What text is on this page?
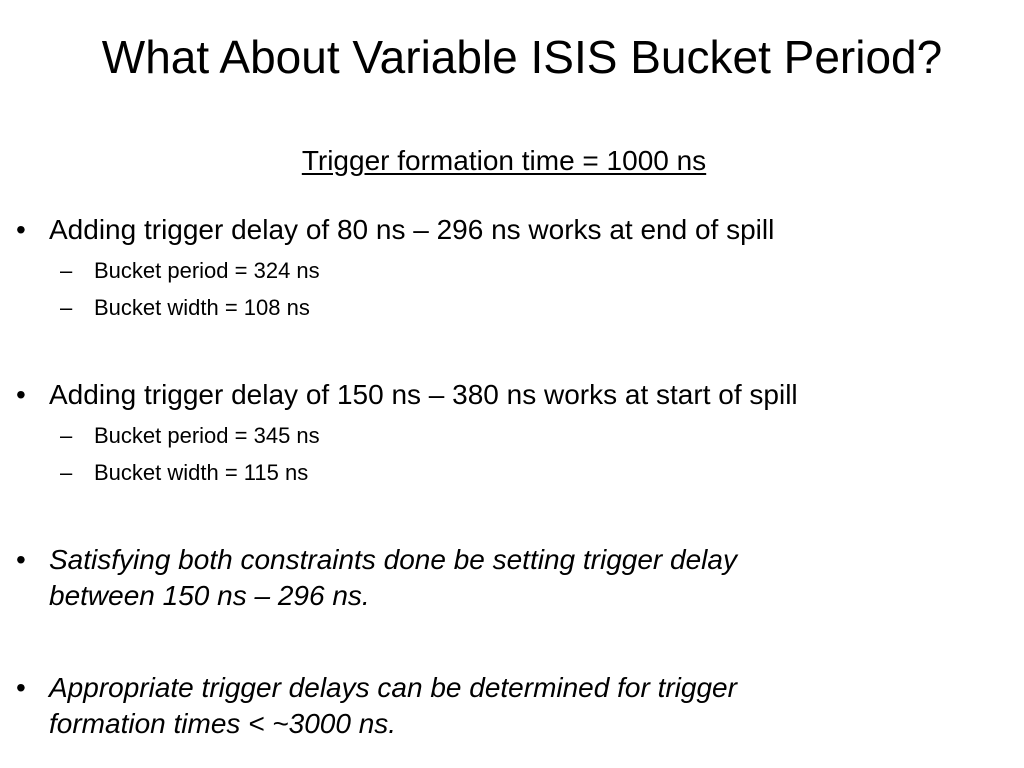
What About Variable ISIS Bucket Period?
Trigger formation time = 1000 ns
• Adding trigger delay of 80 ns – 296 ns works at end of spill
– Bucket period = 324 ns
– Bucket width = 108 ns
• Adding trigger delay of 150 ns – 380 ns works at start of spill
– Bucket period = 345 ns
– Bucket width = 115 ns
• Satisfying both constraints done be setting trigger delay
between 150 ns – 296 ns.
• Appropriate trigger delays can be determined for trigger
formation times < ~3000 ns.
